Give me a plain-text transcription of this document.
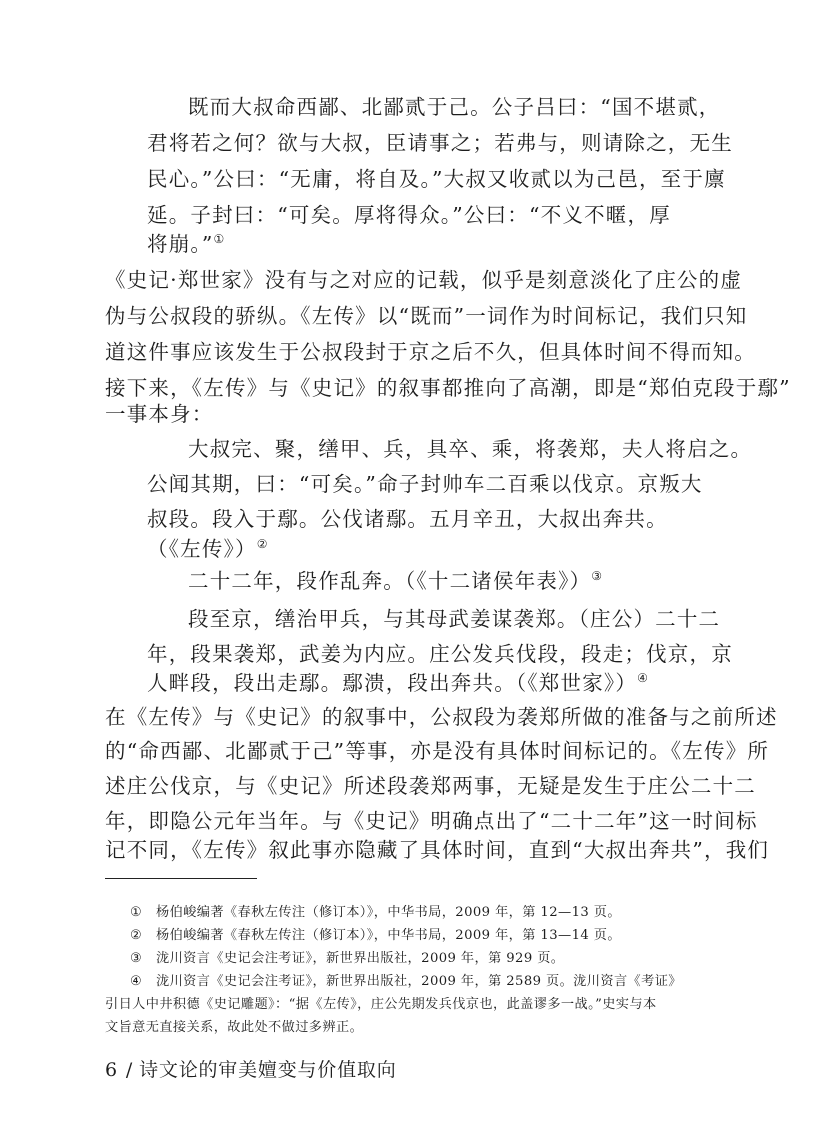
既而大叔命西鄙、北鄙贰于己。公子吕曰：“国不堪贰，
君将若之何？欲与大叔，臣请事之；若弗与，则请除之，无生
民心。”公曰：“无庸，将自及。”大叔又收贰以为己邑，至于廪
延。子封曰：“可矣。厚将得众。”公曰：“不义不暱，厚
将崩。”①
《史记·郑世家》没有与之对应的记载，似乎是刻意淡化了庄公的虚
伪与公叔段的骄纵。《左传》以“既而”一词作为时间标记，我们只知
道这件事应该发生于公叔段封于京之后不久，但具体时间不得而知。
接下来，《左传》与《史记》的叙事都推向了高潮，即是“郑伯克段于鄢”
一事本身：
大叔完、聚，缮甲、兵，具卒、乘，将袭郑，夫人将启之。
公闻其期，曰：“可矣。”命子封帅车二百乘以伐京。京叛大
叔段。段入于鄢。公伐诸鄢。五月辛丑，大叔出奔共。
（《左传》）②
二十二年，段作乱奔。（《十二诸侯年表》）③
段至京，缮治甲兵，与其母武姜谋袭郑。（庄公）二十二
年，段果袭郑，武姜为内应。庄公发兵伐段，段走；伐京，京
人畔段，段出走鄢。鄢溃，段出奔共。（《郑世家》）④
在《左传》与《史记》的叙事中，公叔段为袭郑所做的准备与之前所述
的“命西鄙、北鄙贰于己”等事，亦是没有具体时间标记的。《左传》所
述庄公伐京，与《史记》所述段袭郑两事，无疑是发生于庄公二十二
年，即隐公元年当年。与《史记》明确点出了“二十二年”这一时间标
记不同，《左传》叙此事亦隐藏了具体时间，直到“大叔出奔共”，我们
① 杨伯峻编著《春秋左传注（修订本）》，中华书局，2009 年，第 12—13 页。
② 杨伯峻编著《春秋左传注（修订本）》，中华书局，2009 年，第 13—14 页。
③ 泷川资言《史记会注考证》，新世界出版社，2009 年，第 929 页。
④ 泷川资言《史记会注考证》，新世界出版社，2009 年，第 2589 页。泷川资言《考证》
引日人中井积德《史记雕题》：“据《左传》，庄公先期发兵伐京也，此盖谬多一战。”史实与本
文旨意无直接关系，故此处不做过多辨正。
6 / 诗文论的审美嬗变与价值取向
